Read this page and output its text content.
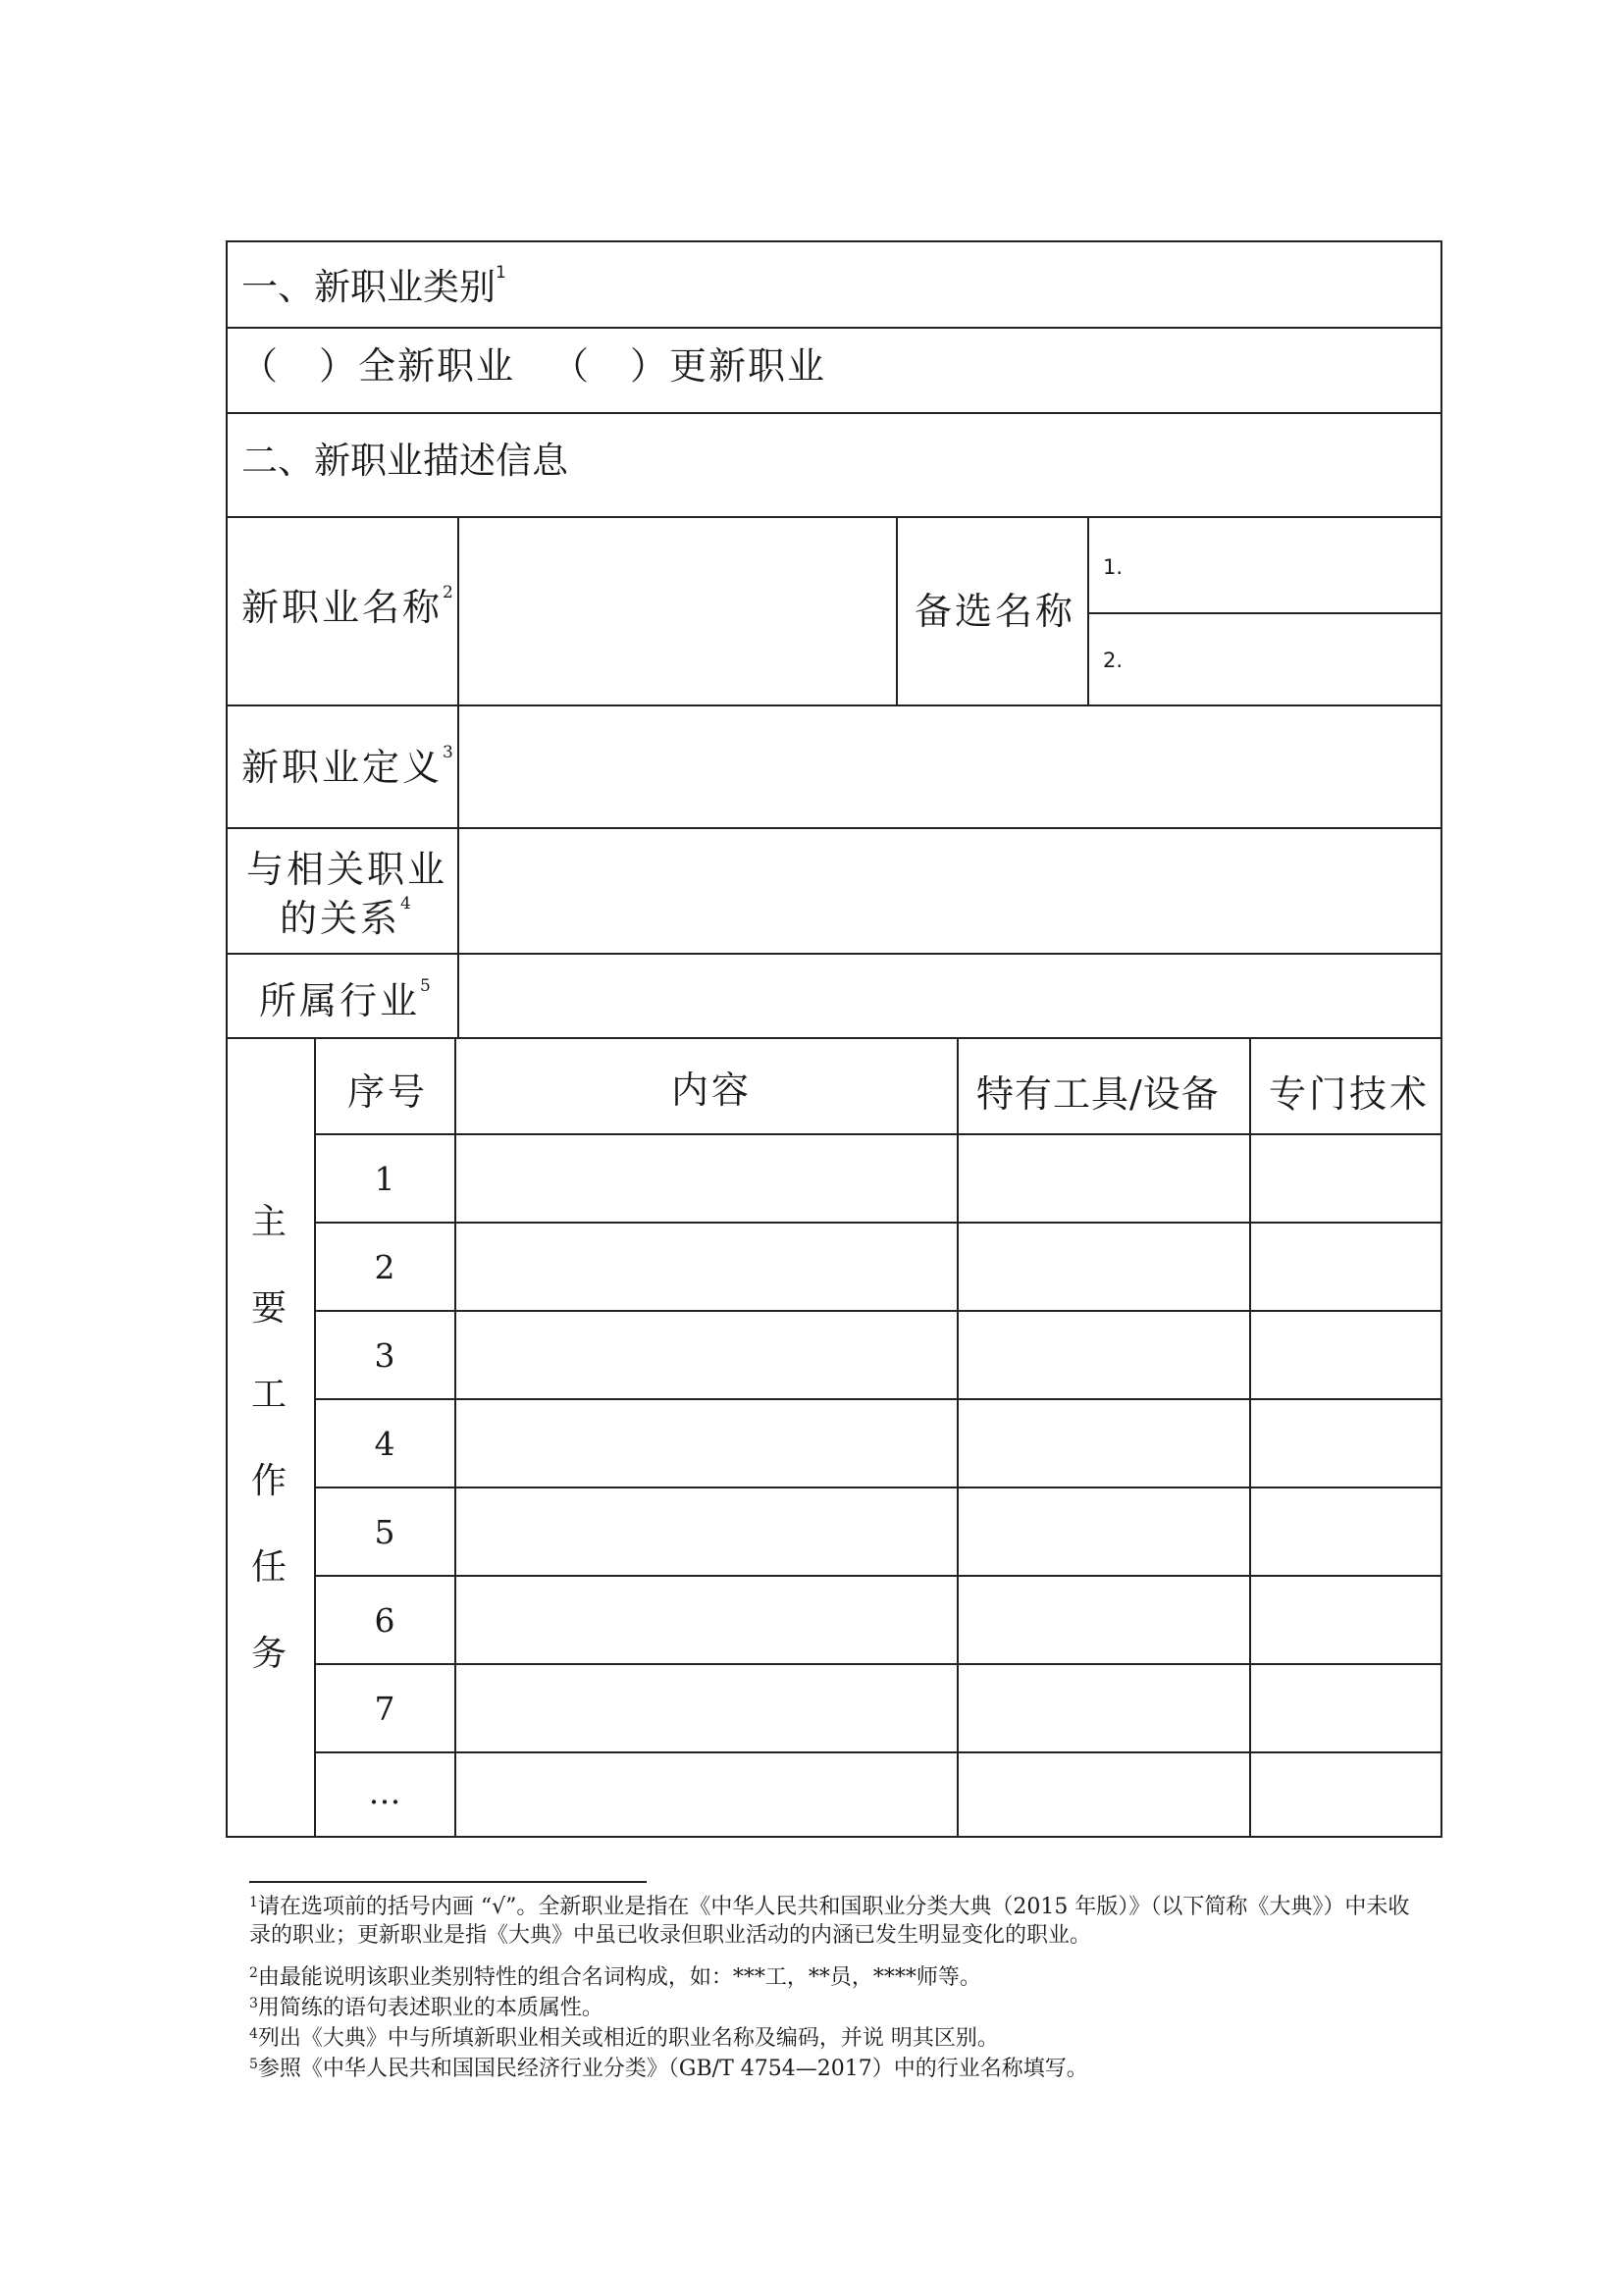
一、新职业类别$^1$
（　）全新职业 （　）更新职业
二、新职业描述信息
新职业名称$^2$	备选名称
1.
2.
新职业定义$^3$
与相关职业
的关系$^4$
所属行业$^5$
序号	内容	特有工具/设备 专门技术
主
要
工
作
任
务
1
2
3
4
5
6
7
…
$^1$请在选项前的括号内画 “√”。全新职业是指在《中华人民共和国职业分类大典（2015 年版）》（以下简称《大典》）中未收录的职业；更新职业是指《大典》中虽已收录但职业活动的内涵已发生明显变化的职业。
$^2$由最能说明该职业类别特性的组合名词构成，如：***工，**员，****师等。
$^3$用简练的语句表述职业的本质属性。
$^4$列出《大典》中与所填新职业相关或相近的职业名称及编码，并说 明其区别。
$^5$参照《中华人民共和国国民经济行业分类》（GB/T 4754—2017）中的行业名称填写。
